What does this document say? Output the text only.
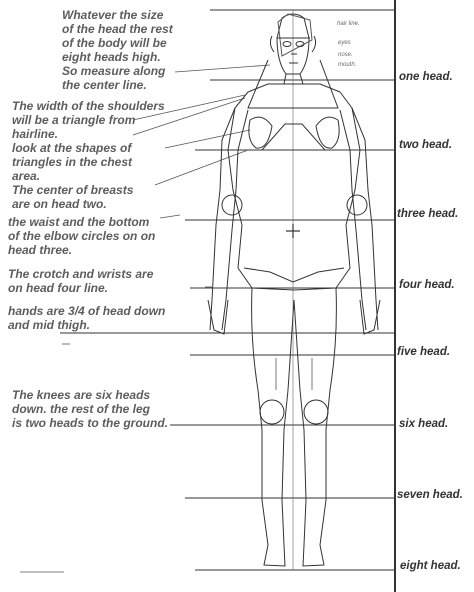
hair line.
eyes
nose.
mouth.
one head.
two head.
three head.
four head.
five head.
six head.
seven head.
eight head.
Whatever the size
of the head the rest
of the body will be
eight heads high.
So measure along
the center line.
The width of the shoulders
will be a triangle from
hairline.
look at the shapes of
triangles in the chest
area.
The center of breasts
are on head two.
the waist and the bottom
of the elbow circles on on
head three.
The crotch and wrists are
on head four line.
hands are 3/4 of head down
and mid thigh.
The knees are six heads
down. the rest of the leg
is two heads to the ground.
